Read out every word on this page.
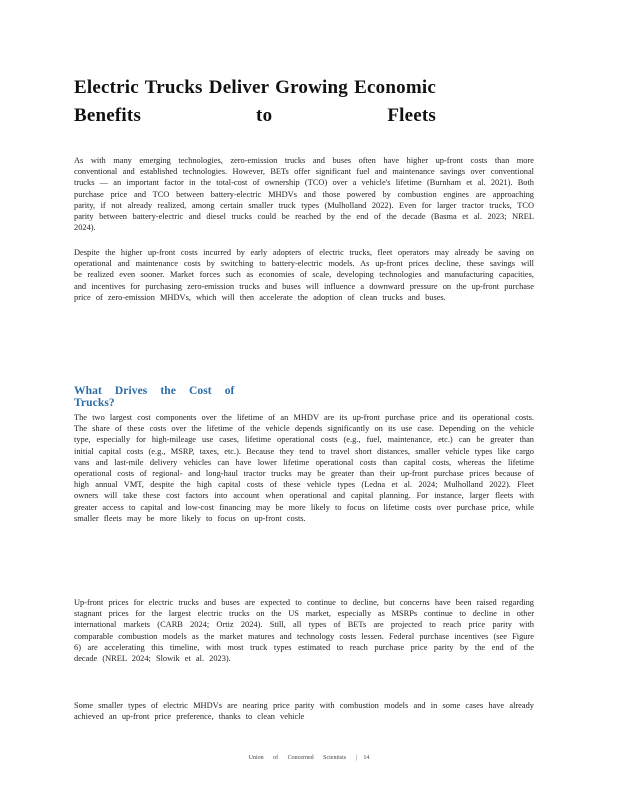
Electric Trucks Deliver Growing Economic Benefits to Fleets

As with many emerging technologies, zero-emission trucks and buses often have higher up-front costs than more conventional and established technologies. However, BETs offer significant fuel and maintenance savings over conventional trucks — an important factor in the total-cost of ownership (TCO) over a vehicle's lifetime (Burnham et al. 2021). Both purchase price and TCO between battery-electric MHDVs and those powered by combustion engines are approaching parity, if not already realized, among certain smaller truck types (Mulholland 2022). Even for larger tractor trucks, TCO parity between battery-electric and diesel trucks could be reached by the end of the decade (Basma et al. 2023; NREL 2024).

Despite the higher up-front costs incurred by early adopters of electric trucks, fleet operators may already be saving on operational and maintenance costs by switching to battery-electric models. As up-front prices decline, these savings will be realized even sooner. Market forces such as economies of scale, developing technologies and manufacturing capacities, and incentives for purchasing zero-emission trucks and buses will influence a downward pressure on the up-front purchase price of zero-emission MHDVs, which will then accelerate the adoption of clean trucks and buses.

What Drives the Cost of Trucks?

The two largest cost components over the lifetime of an MHDV are its up-front purchase price and its operational costs. The share of these costs over the lifetime of the vehicle depends significantly on its use case. Depending on the vehicle type, especially for high-mileage use cases, lifetime operational costs (e.g., fuel, maintenance, etc.) can be greater than initial capital costs (e.g., MSRP, taxes, etc.). Because they tend to travel short distances, smaller vehicle types like cargo vans and last-mile delivery vehicles can have lower lifetime operational costs than capital costs, whereas the lifetime operational costs of regional- and long-haul tractor trucks may be greater than their up-front purchase prices because of high annual VMT, despite the high capital costs of these vehicle types (Ledna et al. 2024; Mulholland 2022). Fleet owners will take these cost factors into account when operational and capital planning. For instance, larger fleets with greater access to capital and low-cost financing may be more likely to focus on lifetime costs over purchase price, while smaller fleets may be more likely to focus on up-front costs.

Up-front prices for electric trucks and buses are expected to continue to decline, but concerns have been raised regarding stagnant prices for the largest electric trucks on the US market, especially as MSRPs continue to decline in other international markets (CARB 2024; Ortiz 2024). Still, all types of BETs are projected to reach price parity with comparable combustion models as the market matures and technology costs lessen. Federal purchase incentives (see Figure 6) are accelerating this timeline, with most truck types estimated to reach purchase price parity by the end of the decade (NREL 2024; Slowik et al. 2023).

Some smaller types of electric MHDVs are nearing price parity with combustion models and in some cases have already achieved an up-front price preference, thanks to clean vehicle

Union of Concerned Scientists | 14
